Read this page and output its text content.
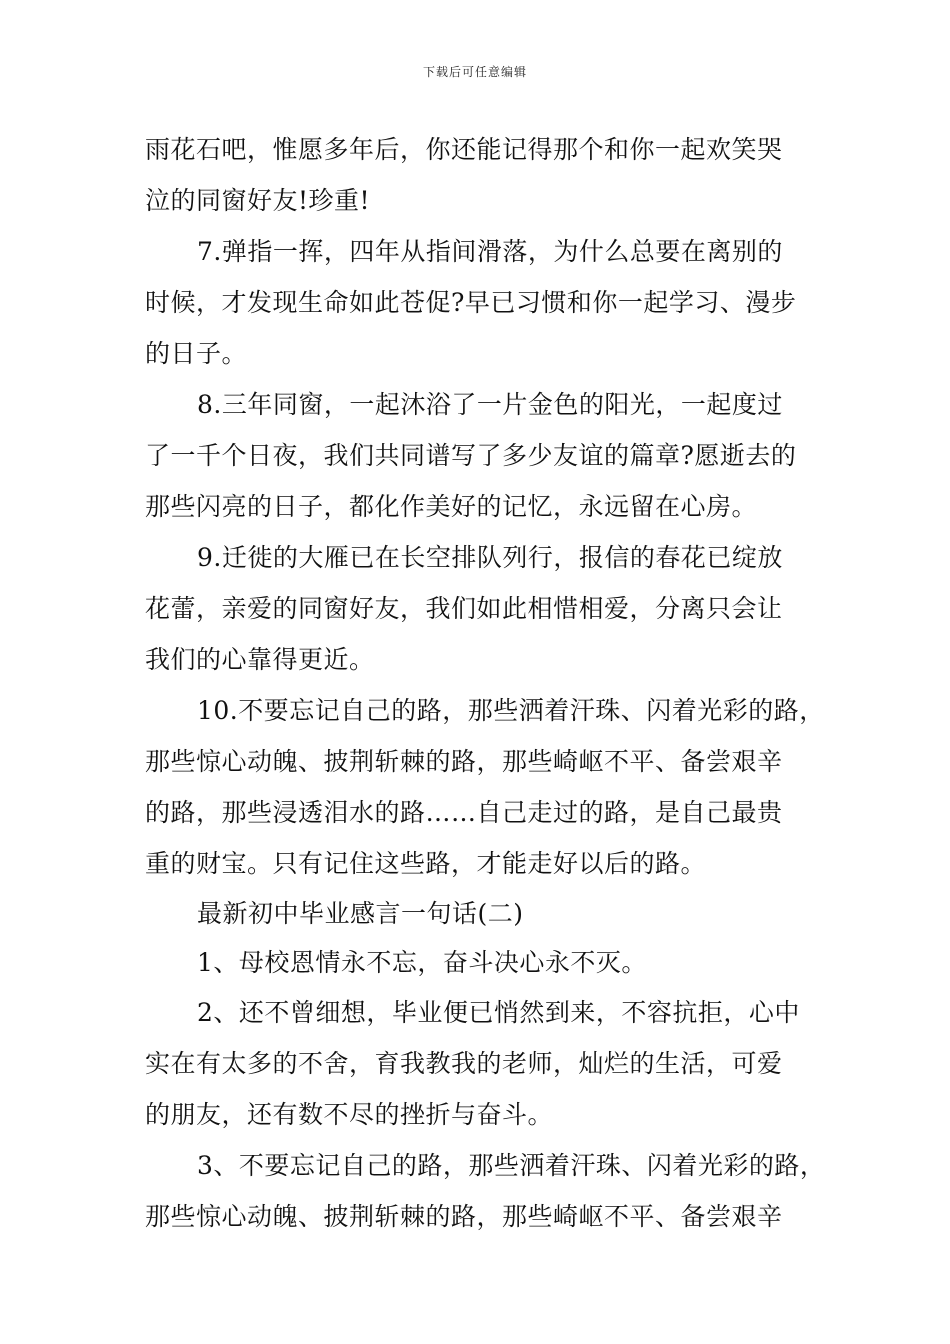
下载后可任意编辑
雨花石吧，惟愿多年后，你还能记得那个和你一起欢笑哭
泣的同窗好友!珍重!
7.弹指一挥，四年从指间滑落，为什么总要在离别的
时候，才发现生命如此苍促?早已习惯和你一起学习、漫步
的日子。
8.三年同窗，一起沐浴了一片金色的阳光，一起度过
了一千个日夜，我们共同谱写了多少友谊的篇章?愿逝去的
那些闪亮的日子，都化作美好的记忆，永远留在心房。
9.迁徙的大雁已在长空排队列行，报信的春花已绽放
花蕾，亲爱的同窗好友，我们如此相惜相爱，分离只会让
我们的心靠得更近。
10.不要忘记自己的路，那些洒着汗珠、闪着光彩的路，
那些惊心动魄、披荆斩棘的路，那些崎岖不平、备尝艰辛
的路，那些浸透泪水的路……自己走过的路，是自己最贵
重的财宝。只有记住这些路，才能走好以后的路。
最新初中毕业感言一句话(二)
1、母校恩情永不忘，奋斗决心永不灭。
2、还不曾细想，毕业便已悄然到来，不容抗拒，心中
实在有太多的不舍，育我教我的老师，灿烂的生活，可爱
的朋友，还有数不尽的挫折与奋斗。
3、不要忘记自己的路，那些洒着汗珠、闪着光彩的路，
那些惊心动魄、披荆斩棘的路，那些崎岖不平、备尝艰辛
